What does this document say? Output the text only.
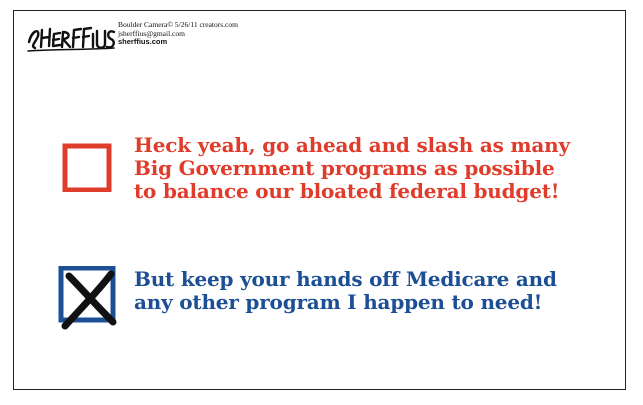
Boulder Camera© 5/26/11 creators.com
jsherffius@gmail.com
sherffius.com
Heck yeah, go ahead and slash as many
Big Government programs as possible
to balance our bloated federal budget!
But keep your hands off Medicare and
any other program I happen to need!
